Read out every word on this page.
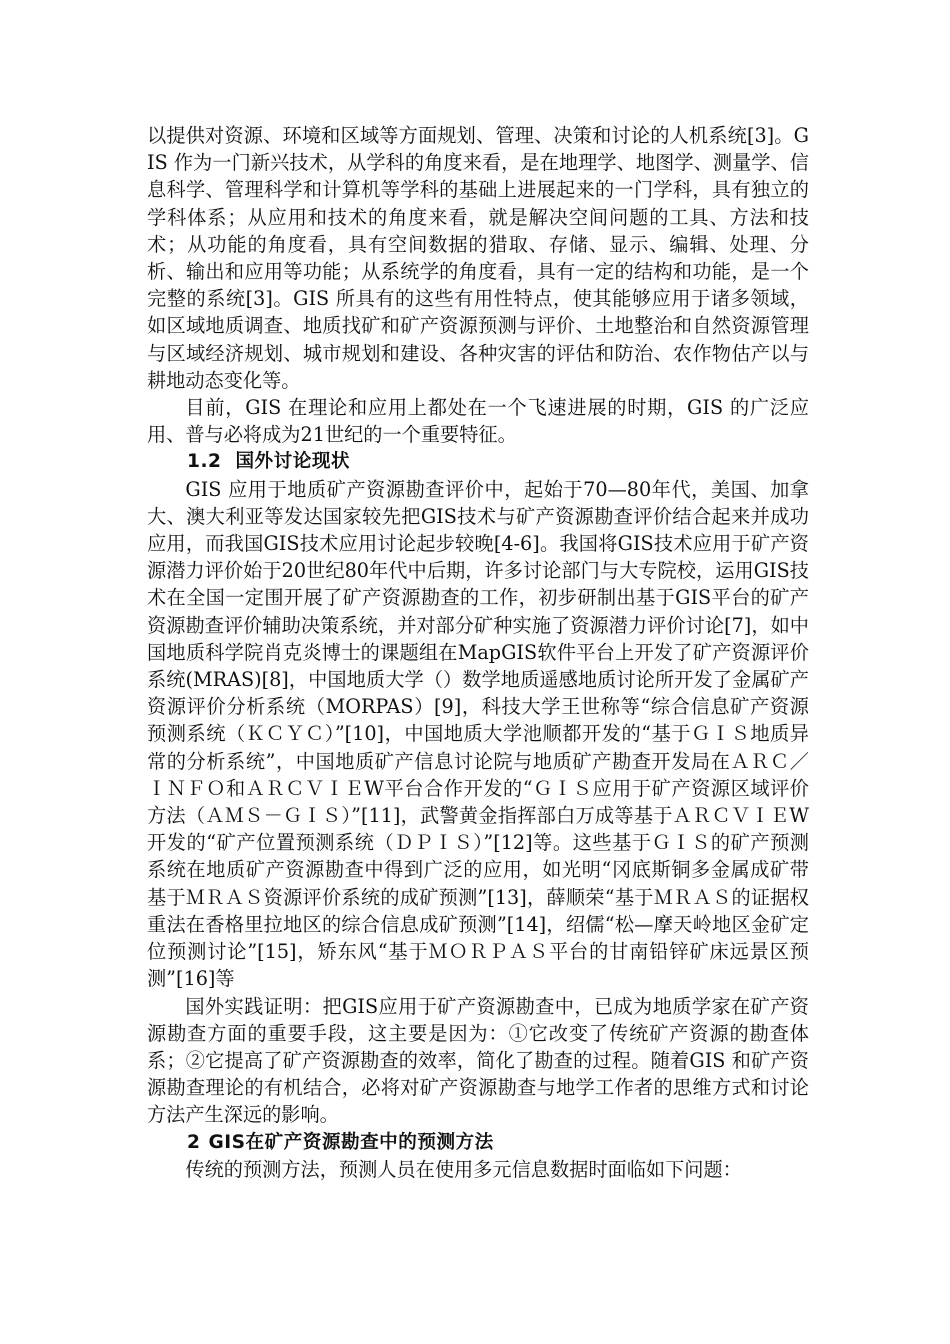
以提供对资源、环境和区域等方面规划、管理、决策和讨论的人机系统[3]。GIS 作为一门新兴技术，从学科的角度来看，是在地理学、地图学、测量学、信息科学、管理科学和计算机等学科的基础上进展起来的一门学科，具有独立的学科体系；从应用和技术的角度来看，就是解决空间问题的工具、方法和技术；从功能的角度看，具有空间数据的猎取、存储、显示、编辑、处理、分析、输出和应用等功能；从系统学的角度看，具有一定的结构和功能，是一个完整的系统[3]。GIS 所具有的这些有用性特点，使其能够应用于诸多领域，如区域地质调查、地质找矿和矿产资源预测与评价、土地整治和自然资源管理与区域经济规划、城市规划和建设、各种灾害的评估和防治、农作物估产以与耕地动态变化等。

目前，GIS 在理论和应用上都处在一个飞速进展的时期，GIS 的广泛应用、普与必将成为21世纪的一个重要特征。

1.2 国外讨论现状

GIS 应用于地质矿产资源勘查评价中，起始于70—80年代，美国、加拿大、澳大利亚等发达国家较先把GIS技术与矿产资源勘查评价结合起来并成功应用，而我国GIS技术应用讨论起步较晚[4-6]。我国将GIS技术应用于矿产资源潜力评价始于20世纪80年代中后期，许多讨论部门与大专院校，运用GIS技术在全国一定围开展了矿产资源勘查的工作，初步研制出基于GIS平台的矿产资源勘查评价辅助决策系统，并对部分矿种实施了资源潜力评价讨论[7]，如中国地质科学院肖克炎博士的课题组在MapGIS软件平台上开发了矿产资源评价系统(MRAS)[8]，中国地质大学（）数学地质遥感地质讨论所开发了金属矿产资源评价分析系统（MORPAS）[9]，科技大学王世称等“综合信息矿产资源预测系统（ＫＣＹＣ）”[10]，中国地质大学池顺都开发的“基于ＧＩＳ地质异常的分析系统”，中国地质矿产信息讨论院与地质矿产勘查开发局在ＡＲＣ／ＩＮＦＯ和ＡＲＣＶＩＥW平台合作开发的“ＧＩＳ应用于矿产资源区域评价方法（ＡＭＳ－ＧＩＳ）”[11]，武警黄金指挥部白万成等基于ＡＲＣＶＩＥW开发的“矿产位置预测系统（ＤＰＩＳ）”[12]等。这些基于ＧＩＳ的矿产预测系统在地质矿产资源勘查中得到广泛的应用，如光明“冈底斯铜多金属成矿带基于ＭＲＡＳ资源评价系统的成矿预测”[13]，薛顺荣“基于ＭＲＡＳ的证据权重法在香格里拉地区的综合信息成矿预测”[14]，绍儒“松—摩天岭地区金矿定位预测讨论”[15]，矫东风“基于ＭＯＲＰＡＳ平台的甘南铅锌矿床远景区预测”[16]等

国外实践证明：把GIS应用于矿产资源勘查中，已成为地质学家在矿产资源勘查方面的重要手段，这主要是因为：①它改变了传统矿产资源的勘查体系；②它提高了矿产资源勘查的效率，简化了勘查的过程。随着GIS 和矿产资源勘查理论的有机结合，必将对矿产资源勘查与地学工作者的思维方式和讨论方法产生深远的影响。

2 GIS在矿产资源勘查中的预测方法

传统的预测方法，预测人员在使用多元信息数据时面临如下问题：
